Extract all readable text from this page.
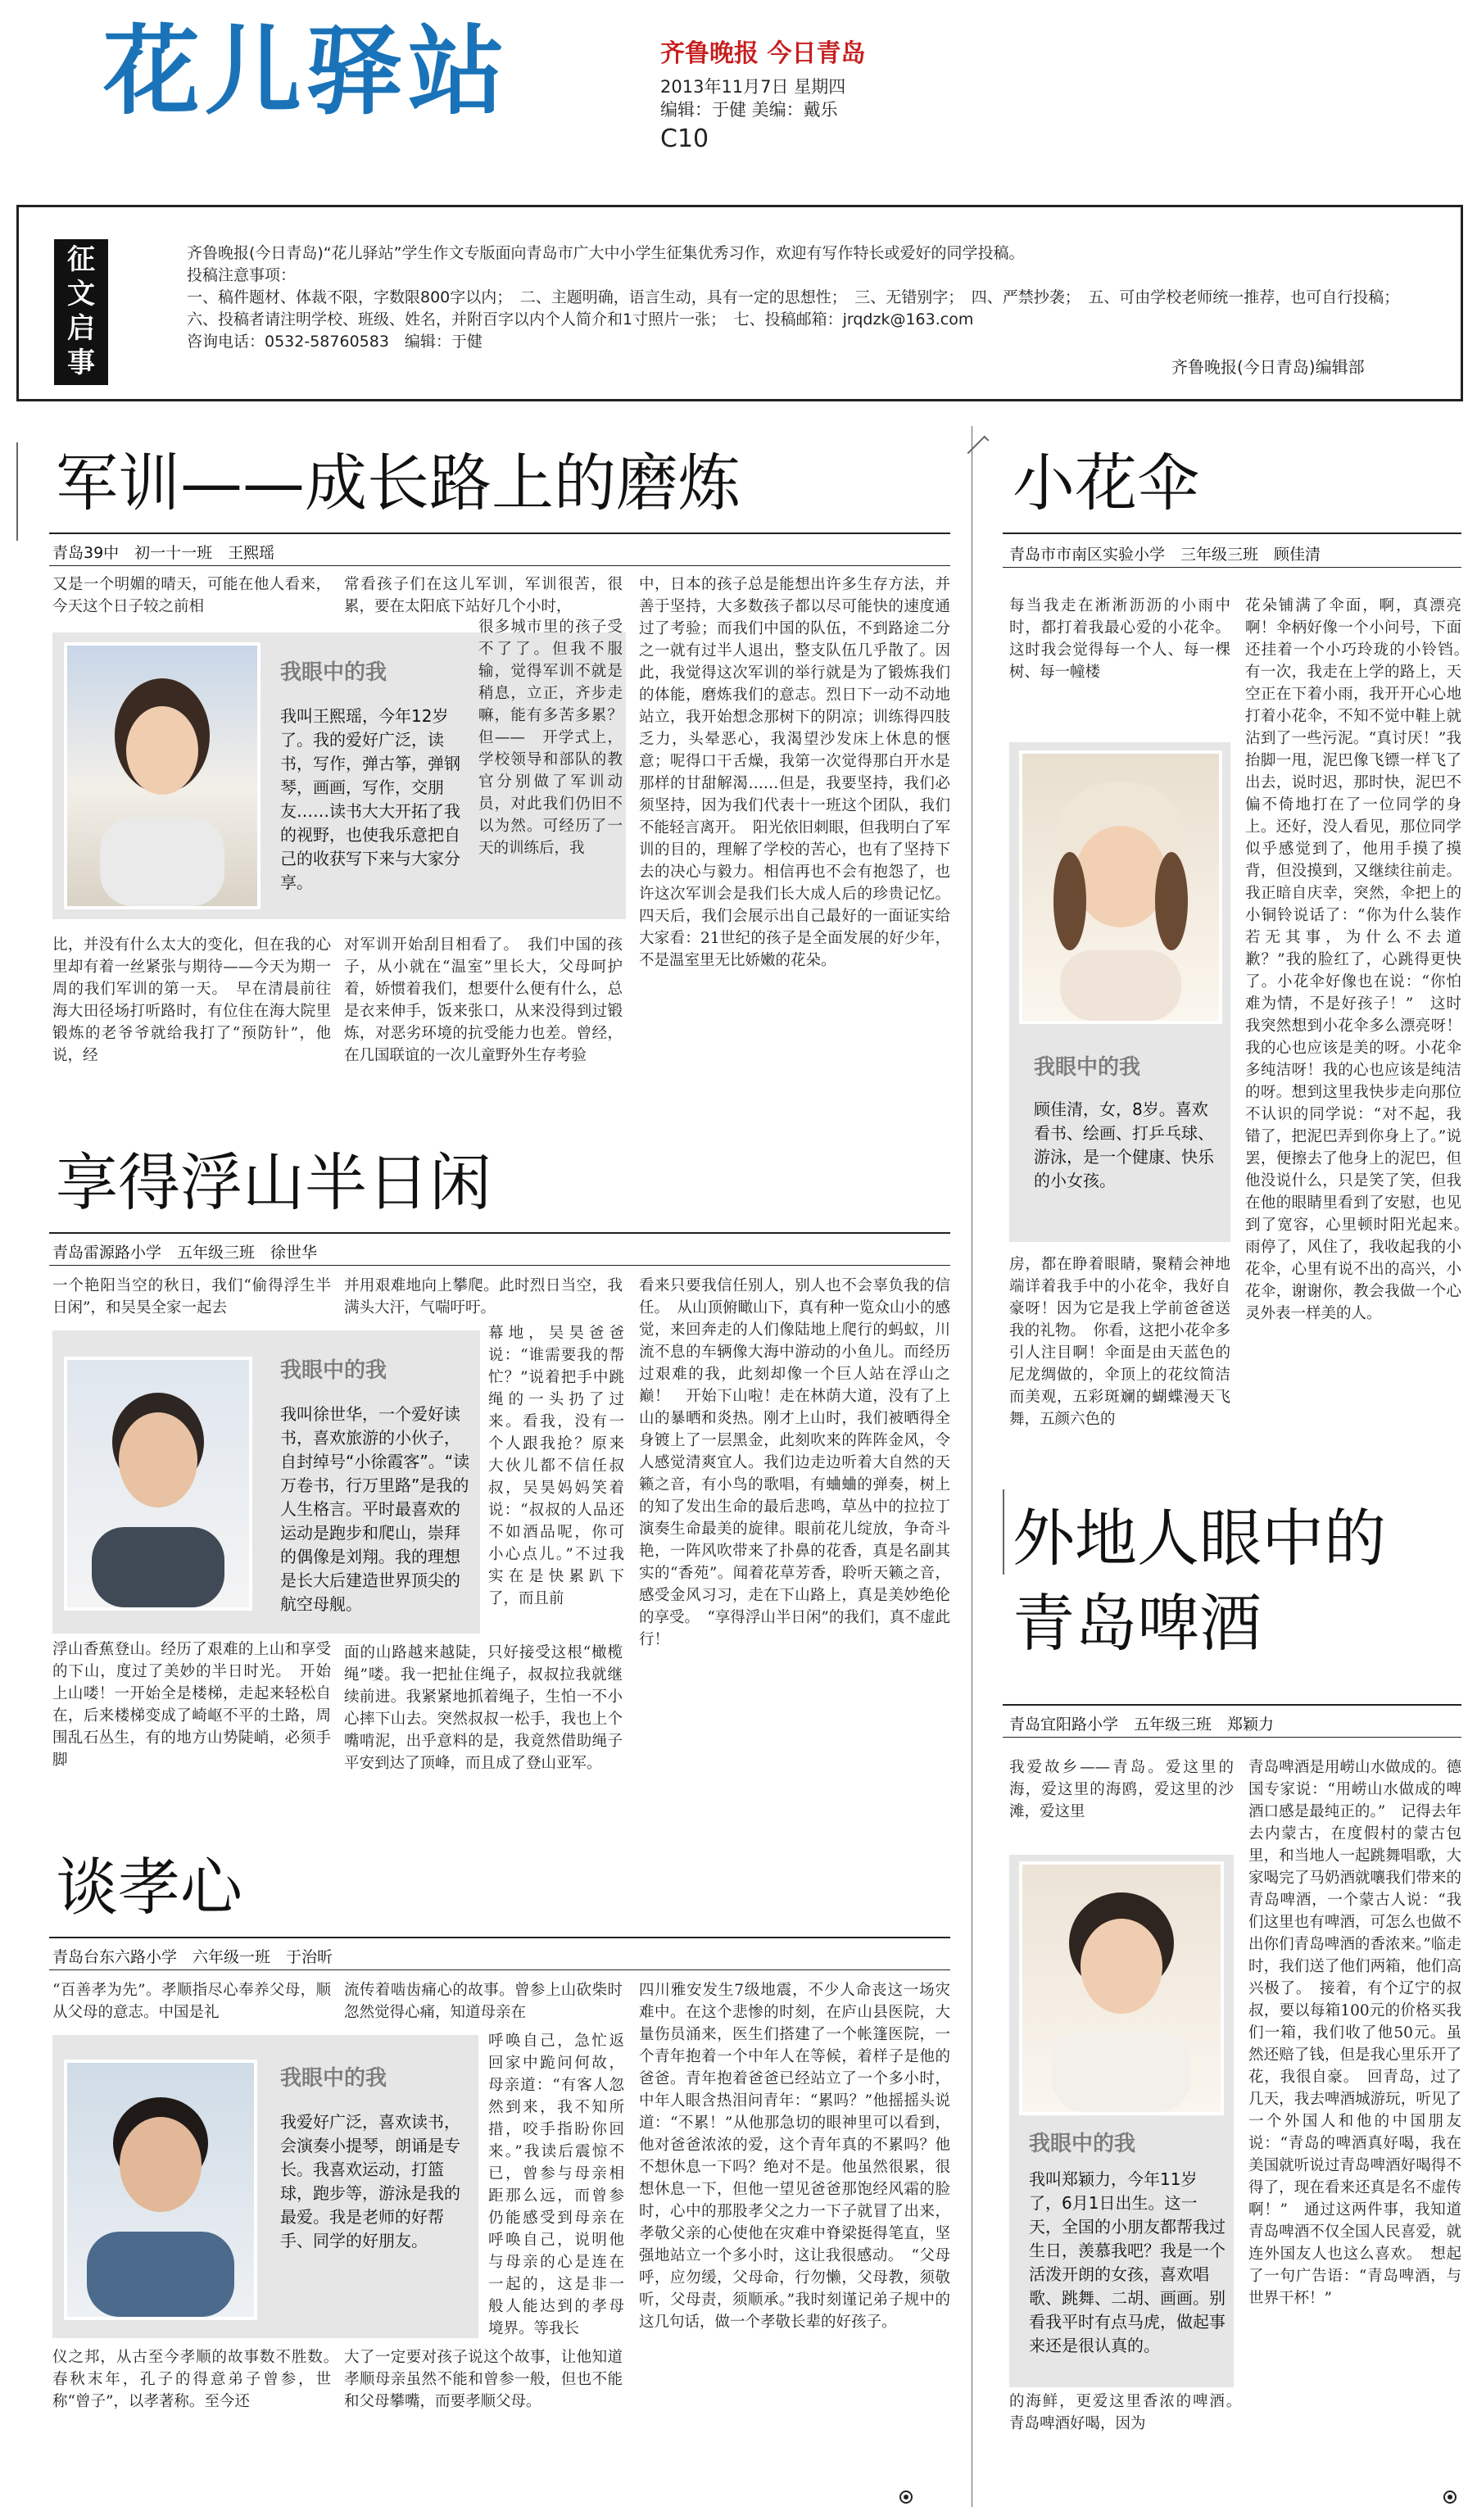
花儿驿站	齐鲁晚报 今日青岛
2013年11月7日 星期四
编辑：于健 美编：戴乐
C10
征文启事
齐鲁晚报(今日青岛)“花儿驿站”学生作文专版面向青岛市广大中小学生征集优秀习作，欢迎有写作特长或爱好的同学投稿。
投稿注意事项：
一、稿件题材、体裁不限，字数限800字以内；　二、主题明确，语言生动，具有一定的思想性；　三、无错别字；　四、严禁抄袭；　五、可由学校老师统一推荐，也可自行投稿；
六、投稿者请注明学校、班级、姓名，并附百字以内个人简介和1寸照片一张；　七、投稿邮箱：jrqdzk@163.com
咨询电话：0532-58760583　编辑：于健
齐鲁晚报(今日青岛)编辑部
军训——成长路上的磨炼
青岛39中　初一十一班　王熙瑶
又是一个明媚的晴天，可能在他人看来，今天这个日子较之前相
我眼中的我
我叫王熙瑶，今年12岁了。我的爱好广泛，读书，写作，弹古筝，弹钢琴，画画，写作，交朋友……读书大大开拓了我的视野，也使我乐意把自己的收获写下来与大家分享。
比，并没有什么太大的变化，但在我的心里却有着一丝紧张与期待——今天为期一周的我们军训的第一天。　早在清晨前往海大田径场打听路时，有位住在海大院里锻炼的老爷爷就给我打了“预防针”，他说，经
常看孩子们在这儿军训，军训很苦，很累，要在太阳底下站好几个小时，
很多城市里的孩子受不了了。但我不服输，觉得军训不就是稍息，立正，齐步走嘛，能有多苦多累？　但——　开学式上，学校领导和部队的教官分别做了军训动员，对此我们仍旧不以为然。可经历了一天的训练后，我
对军训开始刮目相看了。　我们中国的孩子，从小就在“温室”里长大，父母呵护着，娇惯着我们，想要什么便有什么，总是衣来伸手，饭来张口，从来没得到过锻炼，对恶劣环境的抗受能力也差。曾经，在几国联谊的一次儿童野外生存考验
中，日本的孩子总是能想出许多生存方法，并善于坚持，大多数孩子都以尽可能快的速度通过了考验；而我们中国的队伍，不到路途二分之一就有过半人退出，整支队伍几乎散了。因此，我觉得这次军训的举行就是为了锻炼我们的体能，磨炼我们的意志。烈日下一动不动地站立，我开始想念那树下的阴凉；训练得四肢乏力，头晕恶心，我渴望沙发床上休息的惬意；呢得口干舌燥，我第一次觉得那白开水是那样的甘甜解渴……但是，我要坚持，我们必须坚持，因为我们代表十一班这个团队，我们不能轻言离开。　阳光依旧刺眼，但我明白了军训的目的，理解了学校的苦心，也有了坚持下去的决心与毅力。相信再也不会有抱怨了，也许这次军训会是我们长大成人后的珍贵记忆。四天后，我们会展示出自己最好的一面证实给大家看：21世纪的孩子是全面发展的好少年，不是温室里无比娇嫩的花朵。
享得浮山半日闲
青岛雷源路小学　五年级三班　徐世华
一个艳阳当空的秋日，我们“偷得浮生半日闲”，和吴昊全家一起去
我眼中的我
我叫徐世华，一个爱好读书，喜欢旅游的小伙子，自封绰号“小徐霞客”。“读万卷书，行万里路”是我的人生格言。平时最喜欢的运动是跑步和爬山，崇拜的偶像是刘翔。我的理想是长大后建造世界顶尖的航空母舰。
浮山香蕉登山。经历了艰难的上山和享受的下山，度过了美妙的半日时光。　开始上山喽！一开始全是楼梯，走起来轻松自在，后来楼梯变成了崎岖不平的土路，周围乱石丛生，有的地方山势陡峭，必须手脚
并用艰难地向上攀爬。此时烈日当空，我满头大汗，气喘吁吁。
幕地，吴昊爸爸说：“谁需要我的帮忙？”说着把手中跳绳的一头扔了过来。看我，没有一个人跟我抢？原来大伙儿都不信任叔叔，吴昊妈妈笑着说：“叔叔的人品还不如酒品呢，你可小心点儿。”不过我实在是快累趴下了，而且前
面的山路越来越陡，只好接受这根“橄榄绳”喽。我一把扯住绳子，叔叔拉我就继续前进。我紧紧地抓着绳子，生怕一不小心摔下山去。突然叔叔一松手，我也上个嘴啃泥，出乎意料的是，我竟然借助绳子平安到达了顶峰，而且成了登山亚军。
看来只要我信任别人，别人也不会辜负我的信任。　从山顶俯瞰山下，真有种一览众山小的感觉，来回奔走的人们像陆地上爬行的蚂蚁，川流不息的车辆像大海中游动的小鱼儿。而经历过艰难的我，此刻却像一个巨人站在浮山之巅！　开始下山啦！走在林荫大道，没有了上山的暴晒和炎热。刚才上山时，我们被晒得全身镀上了一层黑金，此刻吹来的阵阵金风，令人感觉清爽宜人。我们边走边听着大自然的天籁之音，有小鸟的歌唱，有蛐蛐的弹奏，树上的知了发出生命的最后悲鸣，草丛中的拉拉丁演奏生命最美的旋律。眼前花儿绽放，争奇斗艳，一阵风吹带来了扑鼻的花香，真是名副其实的“香苑”。闻着花草芳香，聆听天籁之音，感受金风习习，走在下山路上，真是美妙绝伦的享受。　“享得浮山半日闲”的我们，真不虚此行！
谈孝心
青岛台东六路小学　六年级一班　于治昕
“百善孝为先”。孝顺指尽心奉养父母，顺从父母的意志。中国是礼
我眼中的我
我爱好广泛，喜欢读书，会演奏小提琴，朗诵是专长。我喜欢运动，打篮球，跑步等，游泳是我的最爱。我是老师的好帮手、同学的好朋友。
仪之邦，从古至今孝顺的故事数不胜数。　春秋末年，孔子的得意弟子曾参，世称“曾子”，以孝著称。至今还
流传着啮齿痛心的故事。曾参上山砍柴时忽然觉得心痛，知道母亲在
呼唤自己，急忙返回家中跪问何故，母亲道：“有客人忽然到来，我不知所措，咬手指盼你回来。”我读后震惊不已，曾参与母亲相距那么远，而曾参仍能感受到母亲在呼唤自己，说明他与母亲的心是连在一起的，这是非一般人能达到的孝母境界。等我长
大了一定要对孩子说这个故事，让他知道孝顺母亲虽然不能和曾参一般，但也不能和父母攀嘴，而要孝顺父母。
四川雅安发生7级地震，不少人命丧这一场灾难中。在这个悲惨的时刻，在庐山县医院，大量伤员涌来，医生们搭建了一个帐篷医院，一个青年抱着一个中年人在等候，着样子是他的爸爸。青年抱着爸爸已经站立了一个多小时，中年人眼含热泪问青年：“累吗？”他摇摇头说道：“不累！”从他那急切的眼神里可以看到，他对爸爸浓浓的爱，这个青年真的不累吗？他不想休息一下吗？绝对不是。他虽然很累，很想休息一下，但他一望见爸爸那饱经风霜的脸时，心中的那股孝父之力一下子就冒了出来，孝敬父亲的心使他在灾难中脊梁挺得笔直，坚强地站立一个多小时，这让我很感动。　“父母呼，应勿缓，父母命，行勿懒，父母教，须敬听，父母责，须顺承。”我时刻谨记弟子规中的这几句话，做一个孝敬长辈的好孩子。
小花伞
青岛市市南区实验小学　三年级三班　顾佳清
每当我走在淅淅沥沥的小雨中时，都打着我最心爱的小花伞。这时我会觉得每一个人、每一棵树、每一幢楼
我眼中的我
顾佳清，女，8岁。喜欢看书、绘画、打乒乓球、游泳，是一个健康、快乐的小女孩。
房，都在睁着眼睛，聚精会神地端详着我手中的小花伞，我好自豪呀！因为它是我上学前爸爸送我的礼物。　你看，这把小花伞多引人注目啊！伞面是由天蓝色的尼龙绸做的，伞顶上的花纹简洁而美观，五彩斑斓的蝴蝶漫天飞舞，五颜六色的
花朵铺满了伞面，啊，真漂亮啊！伞柄好像一个小问号，下面还挂着一个小巧玲珑的小铃铛。　有一次，我走在上学的路上，天空正在下着小雨，我开开心心地打着小花伞，不知不觉中鞋上就沾到了一些污泥。“真讨厌！”我抬脚一甩，泥巴像飞镖一样飞了出去，说时迟，那时快，泥巴不偏不倚地打在了一位同学的身上。还好，没人看见，那位同学似乎感觉到了，他用手摸了摸背，但没摸到，又继续往前走。我正暗自庆幸，突然，伞把上的小铜铃说话了：“你为什么装作若无其事，为什么不去道歉？”我的脸红了，心跳得更快了。小花伞好像也在说：“你怕难为情，不是好孩子！”　这时我突然想到小花伞多么漂亮呀！我的心也应该是美的呀。小花伞多纯洁呀！我的心也应该是纯洁的呀。想到这里我快步走向那位不认识的同学说：“对不起，我错了，把泥巴弄到你身上了。”说罢，便擦去了他身上的泥巴，但他没说什么，只是笑了笑，但我在他的眼睛里看到了安慰，也见到了宽容，心里顿时阳光起来。　雨停了，风住了，我收起我的小花伞，心里有说不出的高兴，小花伞，谢谢你，教会我做一个心灵外表一样美的人。
外地人眼中的
青岛啤酒
青岛宜阳路小学　五年级三班　郑颖力
我爱故乡——青岛。爱这里的海，爱这里的海鸥，爱这里的沙滩，爱这里
我眼中的我
我叫郑颖力，今年11岁了，6月1日出生。这一天，全国的小朋友都帮我过生日，羡慕我吧？我是一个活泼开朗的女孩，喜欢唱歌、跳舞、二胡、画画。别看我平时有点马虎，做起事来还是很认真的。
的海鲜，更爱这里香浓的啤酒。　青岛啤酒好喝，因为
青岛啤酒是用崂山水做成的。德国专家说：“用崂山水做成的啤酒口感是最纯正的。”　记得去年去内蒙古，在度假村的蒙古包里，和当地人一起跳舞唱歌，大家喝完了马奶酒就嚷我们带来的青岛啤酒，一个蒙古人说：“我们这里也有啤酒，可怎么也做不出你们青岛啤酒的香浓来。”临走时，我们送了他们两箱，他们高兴极了。　接着，有个辽宁的叔叔，要以每箱100元的价格买我们一箱，我们收了他50元。虽然还赔了钱，但是我心里乐开了花，我很自豪。　回青岛，过了几天，我去啤酒城游玩，听见了一个外国人和他的中国朋友说：“青岛的啤酒真好喝，我在美国就听说过青岛啤酒好喝得不得了，现在看来还真是名不虚传啊！”　通过这两件事，我知道青岛啤酒不仅全国人民喜爱，就连外国友人也这么喜欢。　想起了一句广告语：“青岛啤酒，与世界干杯！”
